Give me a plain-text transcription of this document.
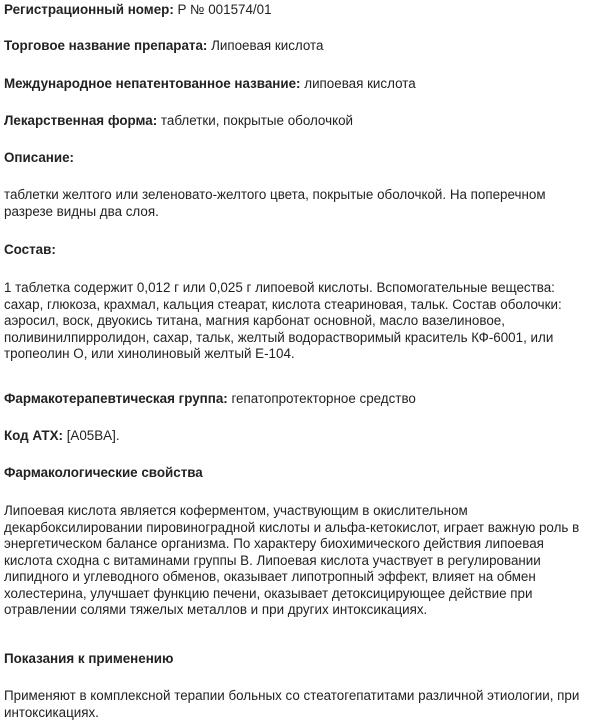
Регистрационный номер: Р № 001574/01

Торговое название препарата: Липоевая кислота

Международное непатентованное название: липоевая кислота

Лекарственная форма: таблетки, покрытые оболочкой

Описание:

таблетки желтого или зеленовато-желтого цвета, покрытые оболочкой. На поперечном разрезе видны два слоя.

Состав:

1 таблетка содержит 0,012 г или 0,025 г липоевой кислоты. Вспомогательные вещества: сахар, глюкоза, крахмал, кальция стеарат, кислота стеариновая, тальк. Состав оболочки: аэросил, воск, двуокись титана, магния карбонат основной, масло вазелиновое, поливинилпирролидон, сахар, тальк, желтый водорастворимый краситель КФ-6001, или тропеолин О, или хинолиновый желтый Е-104.

Фармакотерапевтическая группа: гепатопротекторное средство

Код АТХ: [A05BA].

Фармакологические свойства

Липоевая кислота является коферментом, участвующим в окислительном декарбоксилировании пировиноградной кислоты и альфа-кетокислот, играет важную роль в энергетическом балансе организма. По характеру биохимического действия липоевая кислота сходна с витаминами группы В. Липоевая кислота участвует в регулировании липидного и углеводного обменов, оказывает липотропный эффект, влияет на обмен холестерина, улучшает функцию печени, оказывает детоксицирующее действие при отравлении солями тяжелых металлов и при других интоксикациях.

Показания к применению

Применяют в комплексной терапии больных со стеатогепатитами различной этиологии, при интоксикациях.
